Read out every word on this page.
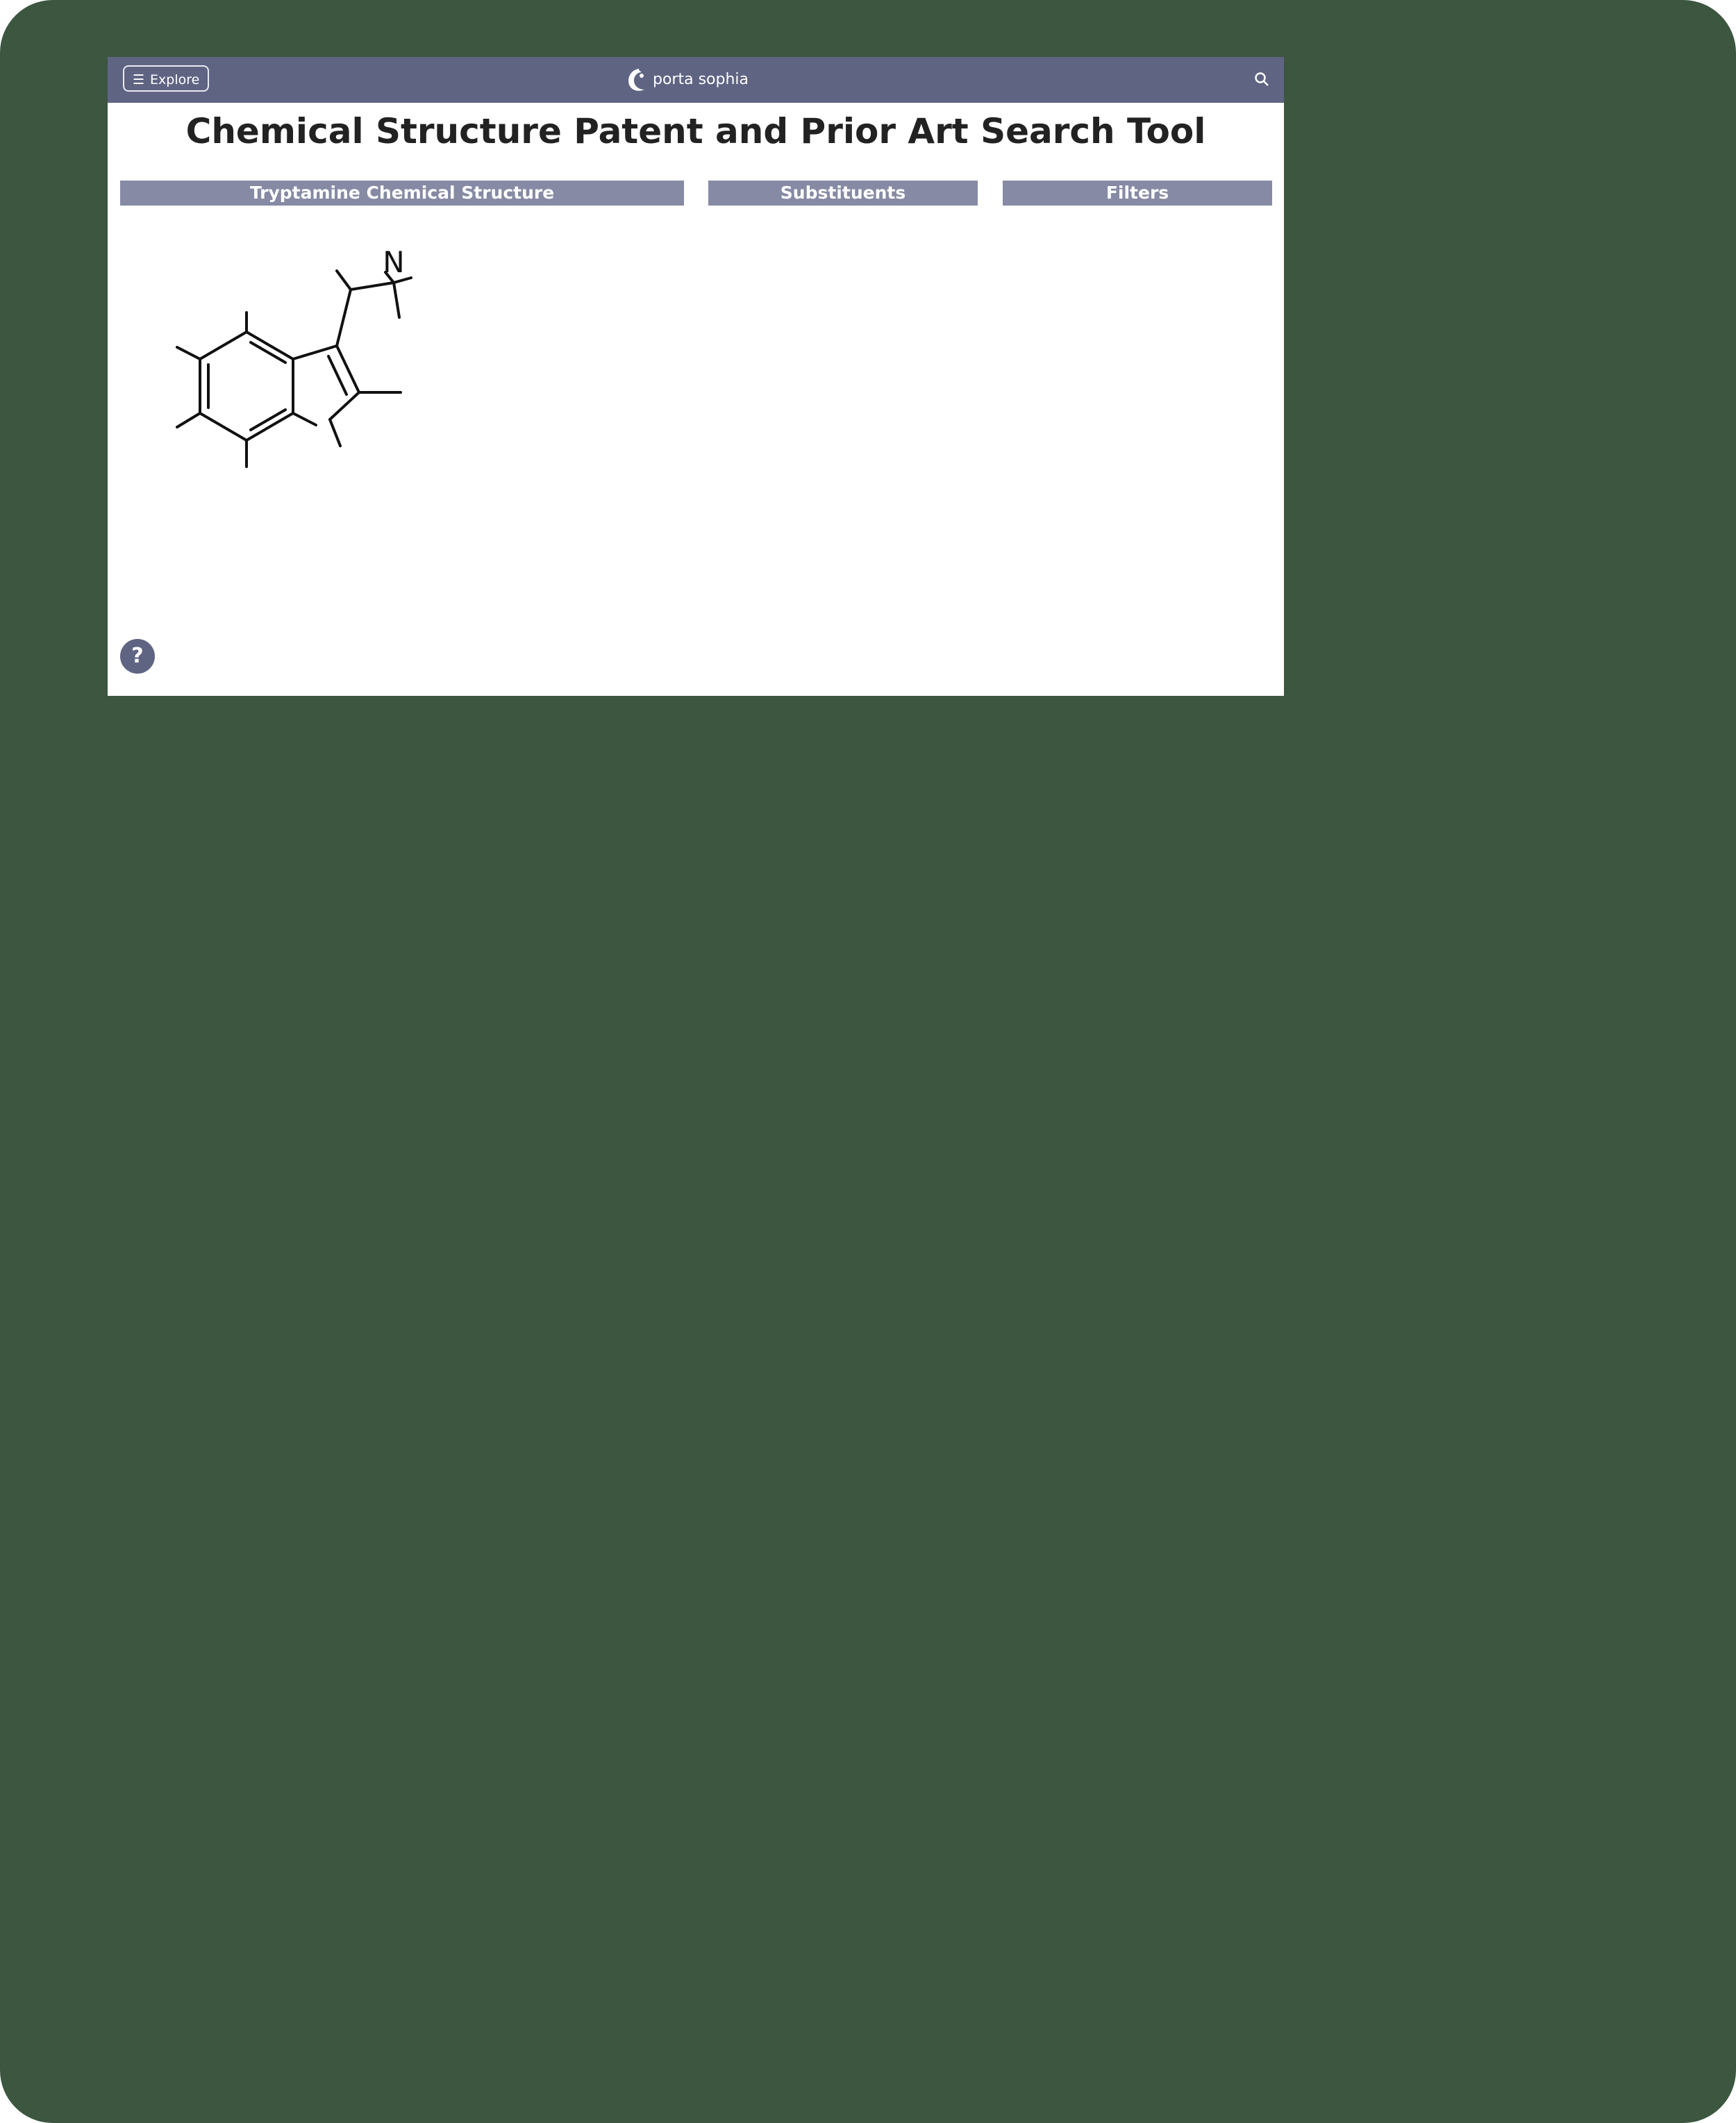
☰ Explore	porta sophia
Chemical Structure Patent and Prior Art Search Tool
Tryptamine Chemical Structure	Substituents	Filters
N
?
